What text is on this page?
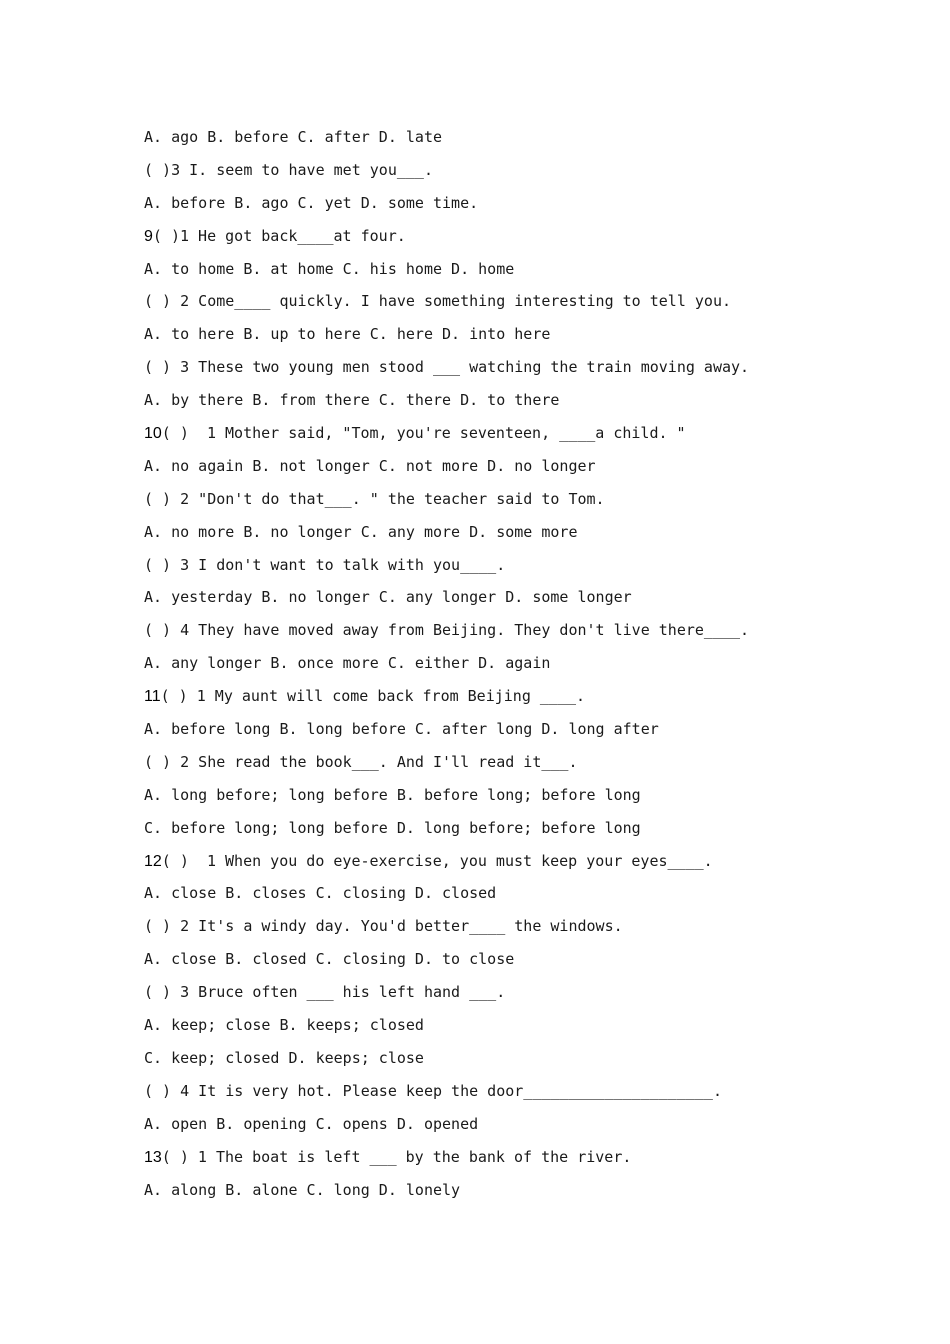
A. ago B. before C. after D. late
( )3 I. seem to have met you___.
A. before B. ago C. yet D. some time.
9( )1 He got back____at four.
A. to home B. at home C. his home D. home
( ) 2 Come____ quickly. I have something interesting to tell you.
A. to here B. up to here C. here D. into here
( ) 3 These two young men stood ___ watching the train moving away.
A. by there B. from there C. there D. to there
10( )  1 Mother said, "Tom, you're seventeen, ____a child. "
A. no again B. not longer C. not more D. no longer
( ) 2 "Don't do that___. " the teacher said to Tom.
A. no more B. no longer C. any more D. some more
( ) 3 I don't want to talk with you____.
A. yesterday B. no longer C. any longer D. some longer
( ) 4 They have moved away from Beijing. They don't live there____.
A. any longer B. once more C. either D. again
11( ) 1 My aunt will come back from Beijing ____.
A. before long B. long before C. after long D. long after
( ) 2 She read the book___. And I'll read it___.
A. long before; long before B. before long; before long
C. before long; long before D. long before; before long
12( )  1 When you do eye-exercise, you must keep your eyes____.
A. close B. closes C. closing D. closed
( ) 2 It's a windy day. You'd better____ the windows.
A. close B. closed C. closing D. to close
( ) 3 Bruce often ___ his left hand ___.
A. keep; close B. keeps; closed
C. keep; closed D. keeps; close
( ) 4 It is very hot. Please keep the door_____________________.
A. open B. opening C. opens D. opened
13( ) 1 The boat is left ___ by the bank of the river.
A. along B. alone C. long D. lonely
